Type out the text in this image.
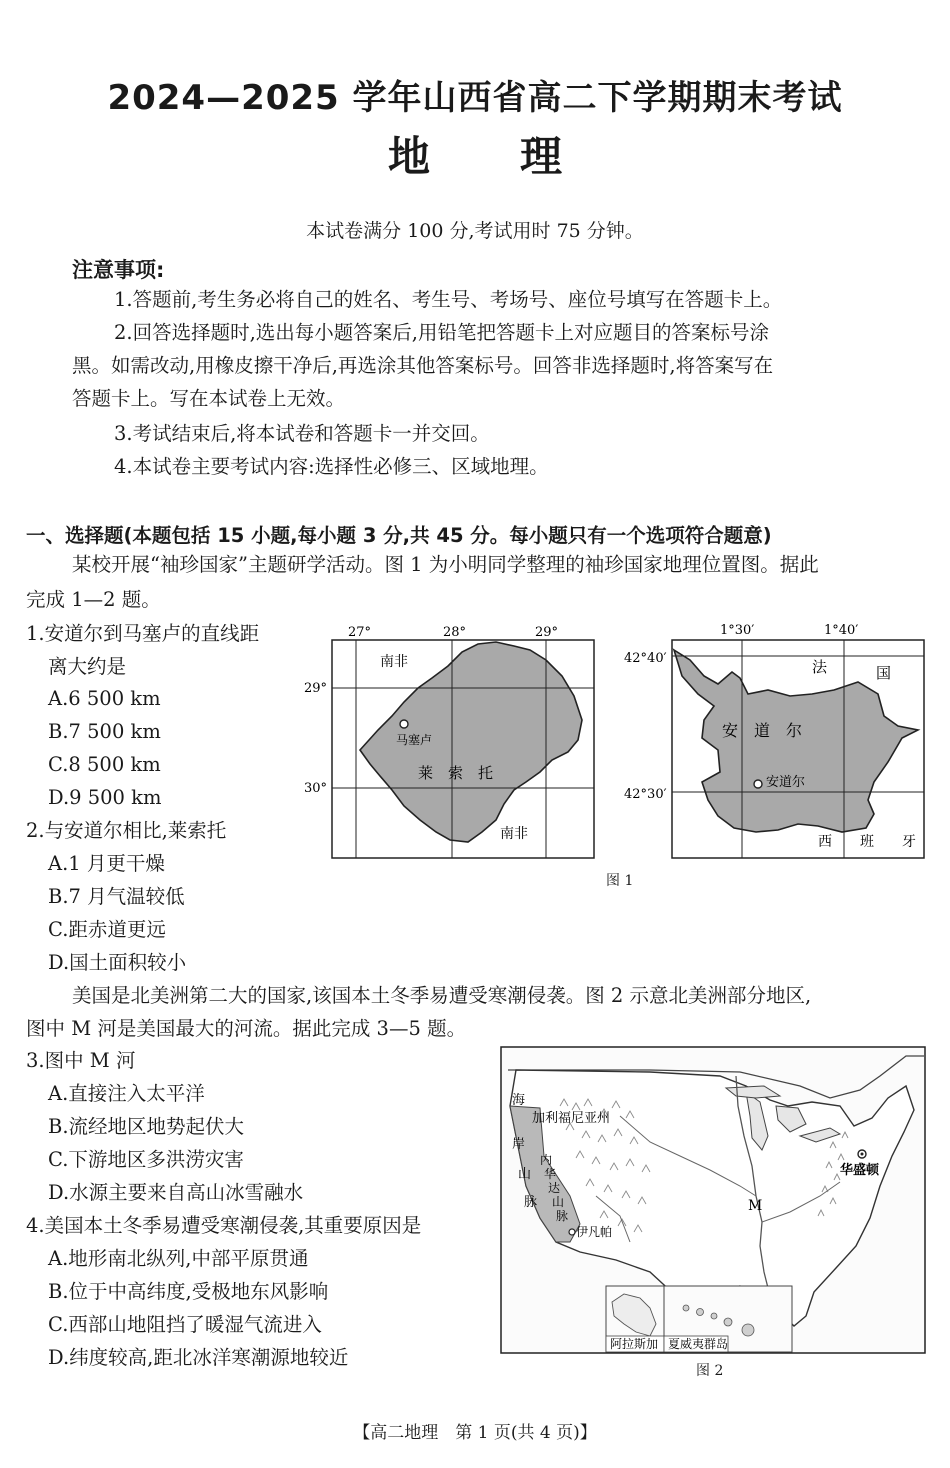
2024—2025 学年山西省高二下学期期末考试
地理
本试卷满分 100 分,考试用时 75 分钟。
注意事项:
1.答题前,考生务必将自己的姓名、考生号、考场号、座位号填写在答题卡上。
2.回答选择题时,选出每小题答案后,用铅笔把答题卡上对应题目的答案标号涂
黑。如需改动,用橡皮擦干净后,再选涂其他答案标号。回答非选择题时,将答案写在
答题卡上。写在本试卷上无效。
3.考试结束后,将本试卷和答题卡一并交回。
4.本试卷主要考试内容:选择性必修三、区域地理。
一、选择题(本题包括 15 小题,每小题 3 分,共 45 分。每小题只有一个选项符合题意)
某校开展“袖珍国家”主题研学活动。图 1 为小明同学整理的袖珍国家地理位置图。据此
完成 1—2 题。
1.安道尔到马塞卢的直线距
离大约是
A.6 500 km
B.7 500 km
C.8 500 km
D.9 500 km
2.与安道尔相比,莱索托
A.1 月更干燥
B.7 月气温较低
C.距赤道更远
D.国土面积较小
美国是北美洲第二大的国家,该国本土冬季易遭受寒潮侵袭。图 2 示意北美洲部分地区,
图中 M 河是美国最大的河流。据此完成 3—5 题。
3.图中 M 河
A.直接注入太平洋
B.流经地区地势起伏大
C.下游地区多洪涝灾害
D.水源主要来自高山冰雪融水
4.美国本土冬季易遭受寒潮侵袭,其重要原因是
A.地形南北纵列,中部平原贯通
B.位于中高纬度,受极地东风影响
C.西部山地阻挡了暖湿气流进入
D.纬度较高,距北冰洋寒潮源地较近
27°	28°	29°
29°
30°
南非
南非
莱　索　托
马塞卢
1°30′	1°40′
42°40′
42°30′
法	国
安　道　尔
安道尔
西　　班　　牙
图 1
加利福尼亚州
海
岸
山
脉
内
华
达
山
脉
伊凡帕
M
华盛顿
阿拉斯加 夏威夷群岛
图 2
【高二地理　第 1 页(共 4 页)】
